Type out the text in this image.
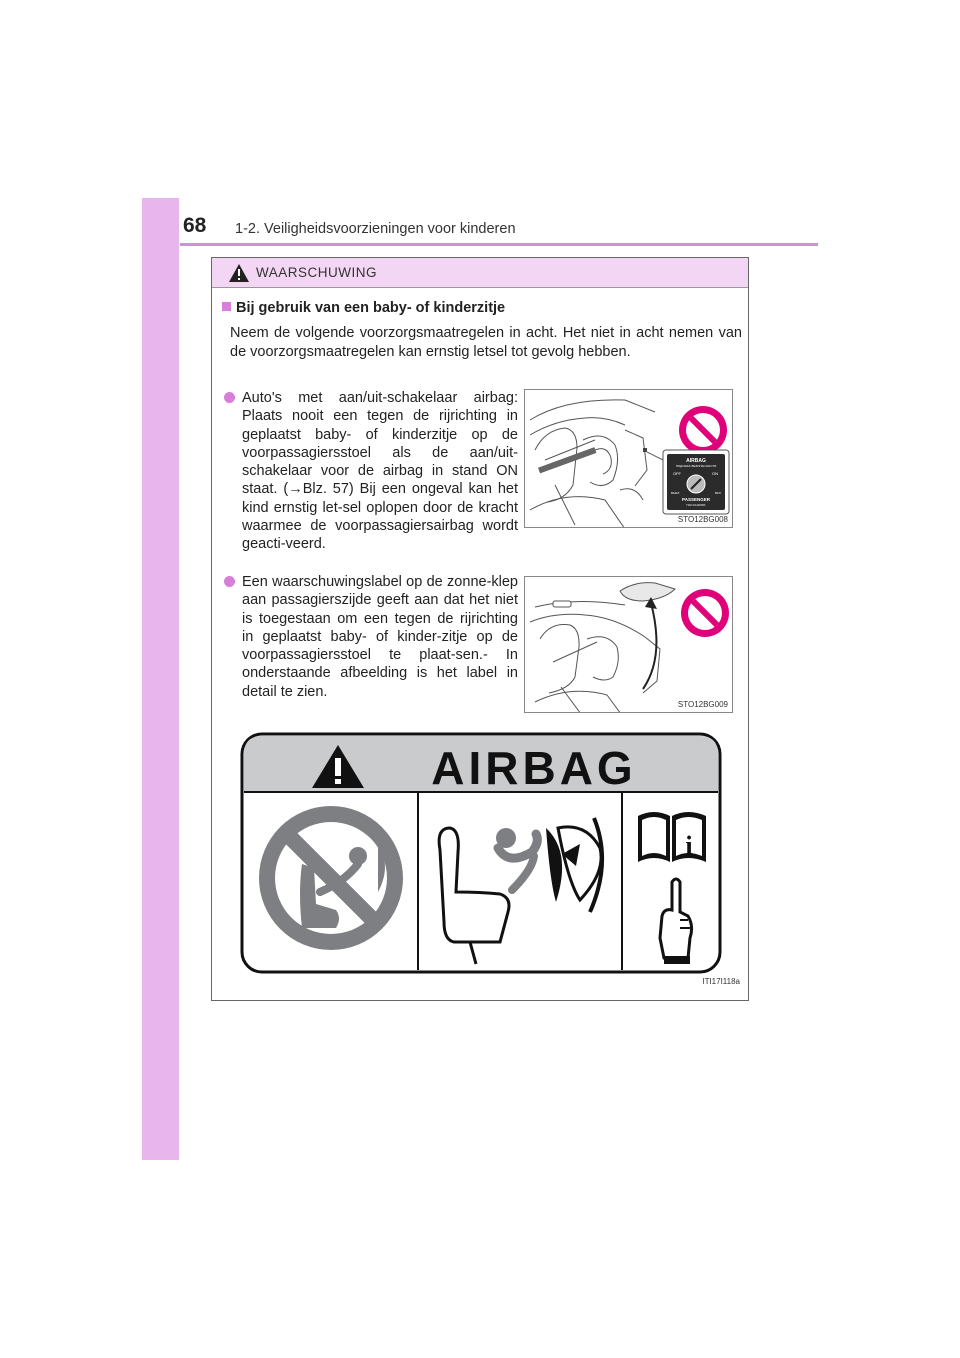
68 1-2. Veiligheidsvoorzieningen voor kinderen
WAARSCHUWING
Bij gebruik van een baby- of kinderzitje
Neem de volgende voorzorgsmaatregelen in acht. Het niet in acht nemen van de voorzorgsmaatregelen kan ernstig letsel tot gevolg hebben.
Auto's met aan/uit-schakelaar airbag: Plaats nooit een tegen de rijrichting in geplaatst baby- of kinderzitje op de voorpassagiersstoel als de aan/uit-schakelaar voor de airbag in stand ON staat. (→Blz. 57) Bij een ongeval kan het kind ernstig let-sel oplopen door de kracht waarmee de voorpassagiersairbag wordt geacti-veerd.
AIRBAG
ПОДУШКА БЕЗОПАСНОСТИ
OFF	ON
ВЫКЛ	ВКЛ
PASSENGER
ПАССАЖИРА
STO12BG008
Een waarschuwingslabel op de zonne-klep aan passagierszijde geeft aan dat het niet is toegestaan om een tegen de rijrichting in geplaatst baby- of kinder-zitje op de voorpassagiersstoel te plaat-sen.- In onderstaande afbeelding is het label in detail te zien.
STO12BG009
AIRBAG
i
ITI17I118a
